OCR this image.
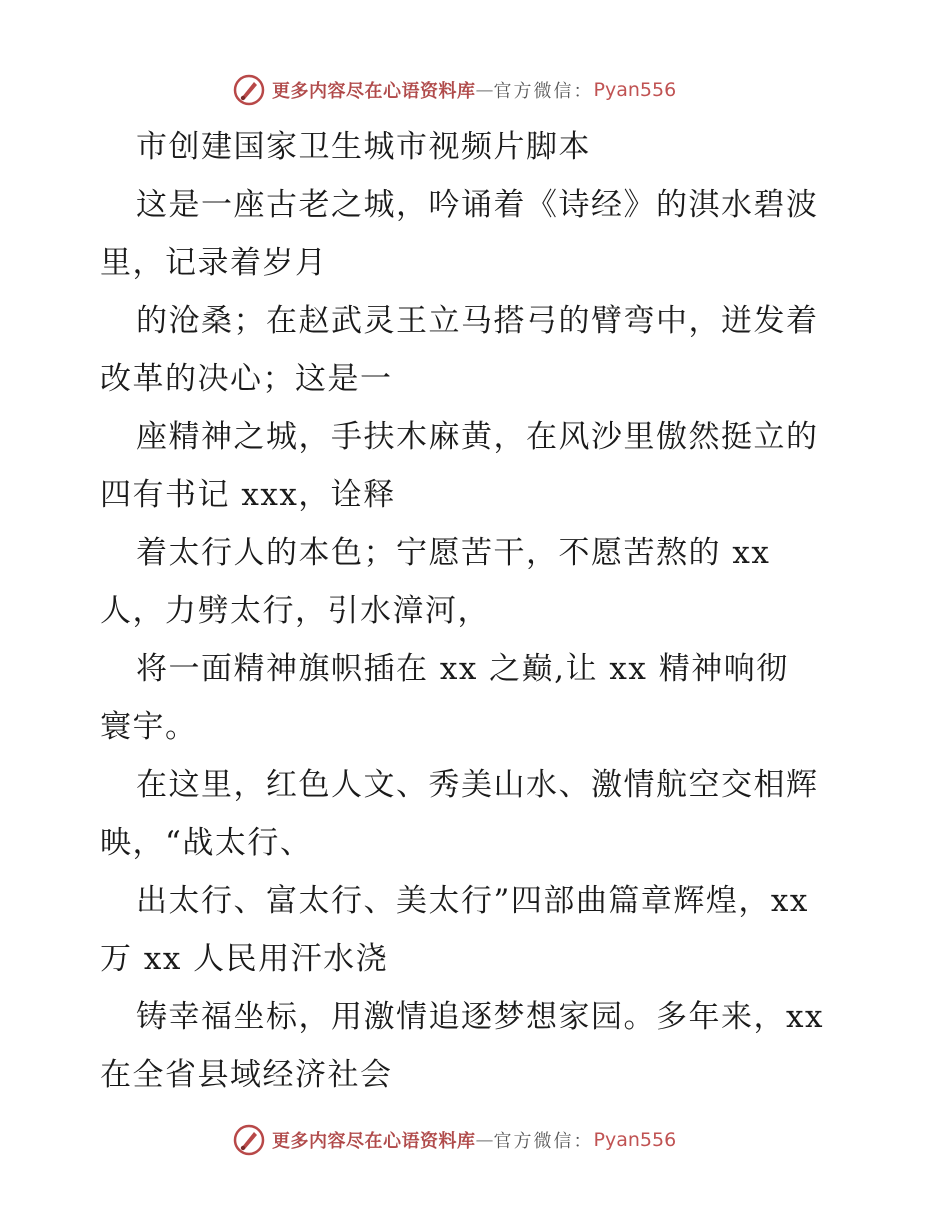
更多内容尽在心语资料库 — 官方微信： Pyan556
市创建国家卫生城市视频片脚本
这是一座古老之城，吟诵着《诗经》的淇水碧波
里，记录着岁月
的沧桑；在赵武灵王立马搭弓的臂弯中，迸发着
改革的决心；这是一
座精神之城，手扶木麻黄，在风沙里傲然挺立的
四有书记 xxx，诠释
着太行人的本色；宁愿苦干，不愿苦熬的 xx
人，力劈太行，引水漳河，
将一面精神旗帜插在 xx 之巅,让 xx 精神响彻
寰宇。
在这里，红色人文、秀美山水、激情航空交相辉
映，“战太行、
出太行、富太行、美太行”四部曲篇章辉煌，xx
万 xx 人民用汗水浇
铸幸福坐标，用激情追逐梦想家园。多年来，xx
在全省县域经济社会
更多内容尽在心语资料库 — 官方微信： Pyan556
